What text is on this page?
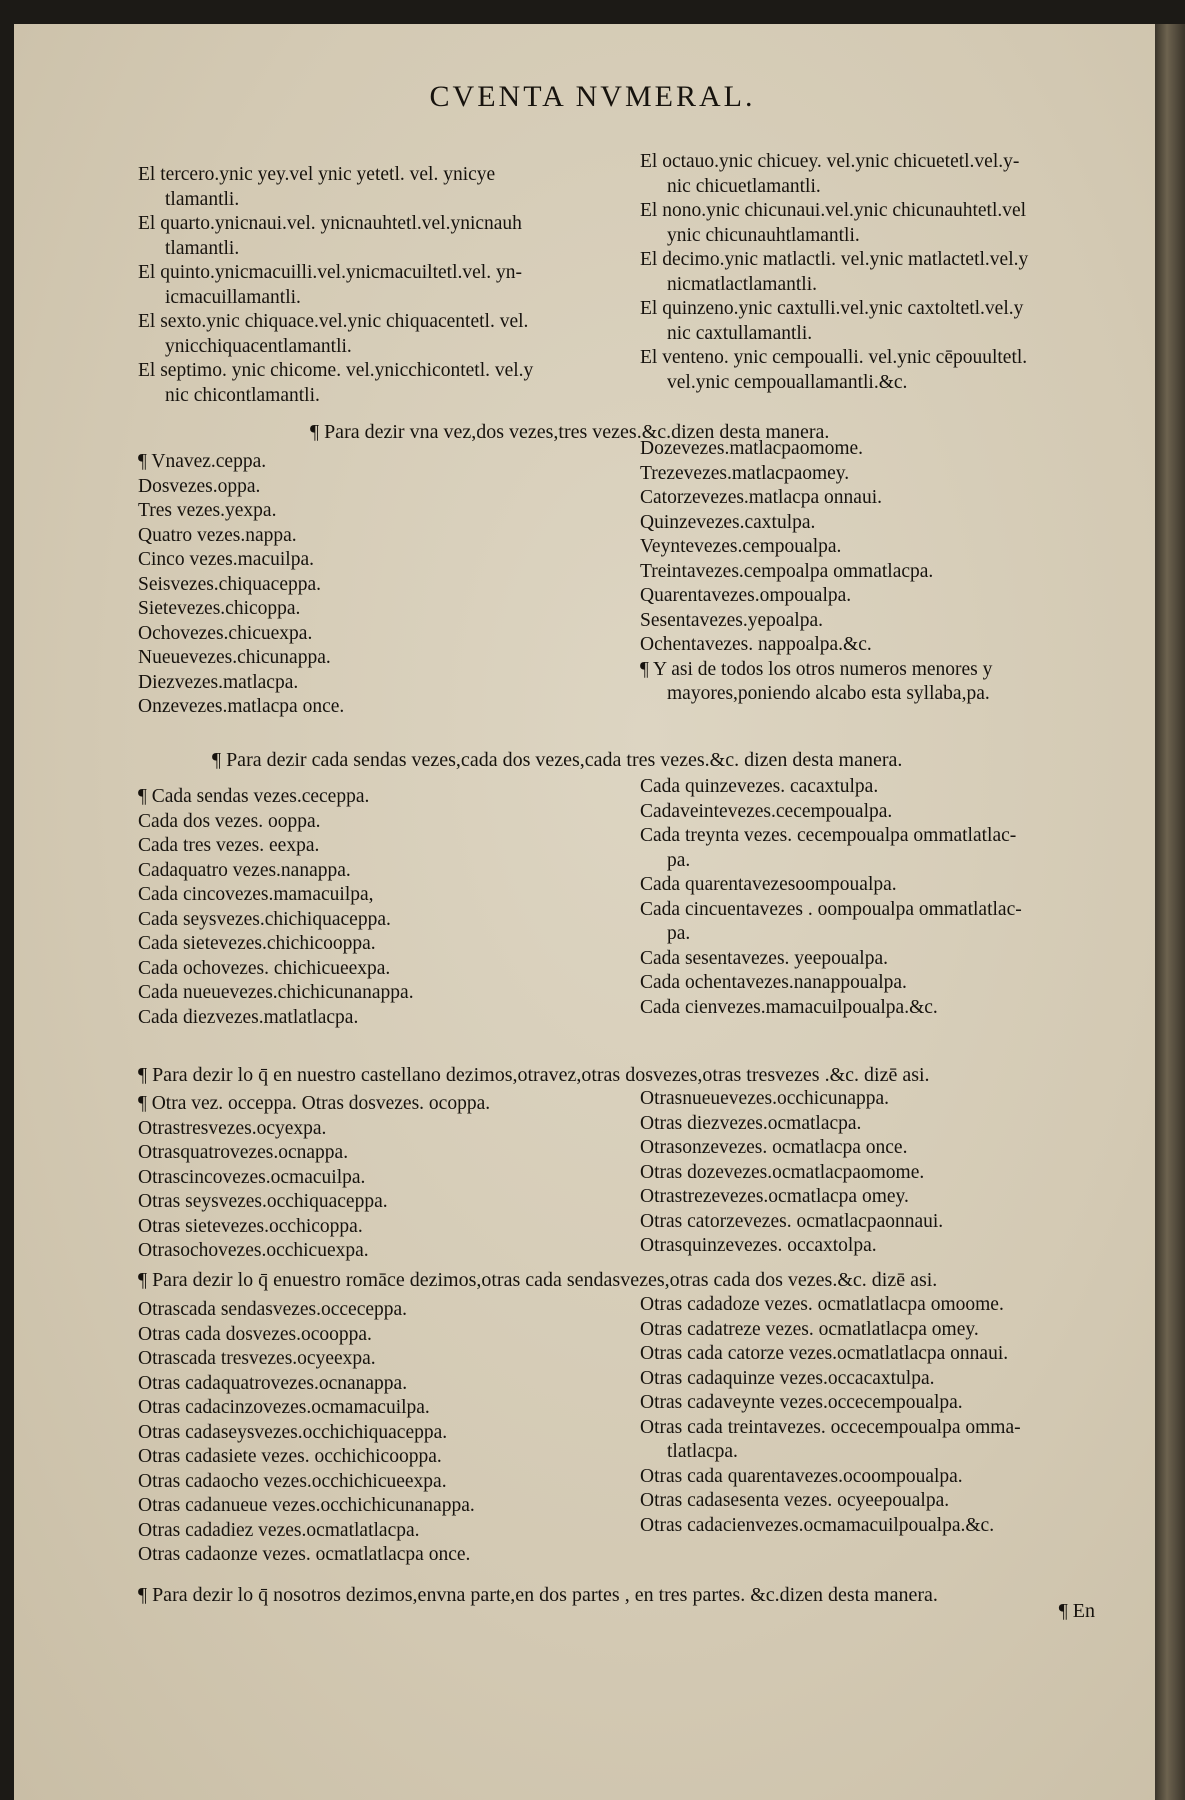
CVENTA NVMERAL.
El tercero.ynic yey.vel ynic yetetl. vel. ynicye
tlamantli.
El quarto.ynicnaui.vel. ynicnauhtetl.vel.ynicnauh
tlamantli.
El quinto.ynicmacuilli.vel.ynicmacuiltetl.vel. yn-
icmacuillamantli.
El sexto.ynic chiquace.vel.ynic chiquacentetl. vel.
ynicchiquacentlamantli.
El septimo. ynic chicome. vel.ynicchicontetl. vel.y
nic chicontlamantli.
El octauo.ynic chicuey. vel.ynic chicuetetl.vel.y-
nic chicuetlamantli.
El nono.ynic chicunaui.vel.ynic chicunauhtetl.vel
ynic chicunauhtlamantli.
El decimo.ynic matlactli. vel.ynic matlactetl.vel.y
nicmatlactlamantli.
El quinzeno.ynic caxtulli.vel.ynic caxtoltetl.vel.y
nic caxtullamantli.
El venteno. ynic cempoualli. vel.ynic cēpouultetl.
vel.ynic cempouallamantli.&c.
¶ Para dezir vna vez,dos vezes,tres vezes.&c.dizen desta manera.
¶ Vnavez.ceppa.
Dosvezes.oppa.
Tres vezes.yexpa.
Quatro vezes.nappa.
Cinco vezes.macuilpa.
Seisvezes.chiquaceppa.
Sietevezes.chicoppa.
Ochovezes.chicuexpa.
Nueuevezes.chicunappa.
Diezvezes.matlacpa.
Onzevezes.matlacpa once.
Dozevezes.matlacpaomome.
Trezevezes.matlacpaomey.
Catorzevezes.matlacpa onnaui.
Quinzevezes.caxtulpa.
Veyntevezes.cempoualpa.
Treintavezes.cempoalpa ommatlacpa.
Quarentavezes.ompoualpa.
Sesentavezes.yepoalpa.
Ochentavezes. nappoalpa.&c.
¶ Y asi de todos los otros numeros menores y
mayores,poniendo alcabo esta syllaba,pa.
¶ Para dezir cada sendas vezes,cada dos vezes,cada tres vezes.&c. dizen desta manera.
¶ Cada sendas vezes.ceceppa.
Cada dos vezes. ooppa.
Cada tres vezes. eexpa.
Cadaquatro vezes.nanappa.
Cada cincovezes.mamacuilpa,
Cada seysvezes.chichiquaceppa.
Cada sietevezes.chichicooppa.
Cada ochovezes. chichicueexpa.
Cada nueuevezes.chichicunanappa.
Cada diezvezes.matlatlacpa.
Cada quinzevezes. cacaxtulpa.
Cadaveintevezes.cecempoualpa.
Cada treynta vezes. cecempoualpa ommatlatlac-
pa.
Cada quarentavezesoompoualpa.
Cada cincuentavezes . oompoualpa ommatlatlac-
pa.
Cada sesentavezes. yeepoualpa.
Cada ochentavezes.nanappoualpa.
Cada cienvezes.mamacuilpoualpa.&c.
¶ Para dezir lo q̄ en nuestro castellano dezimos,otravez,otras dosvezes,otras tresvezes .&c. dizē asi.
¶ Otra vez. occeppa. Otras dosvezes. ocoppa.
Otrastresvezes.ocyexpa.
Otrasquatrovezes.ocnappa.
Otrascincovezes.ocmacuilpa.
Otras seysvezes.occhiquaceppa.
Otras sietevezes.occhicoppa.
Otrasochovezes.occhicuexpa.
Otrasnueuevezes.occhicunappa.
Otras diezvezes.ocmatlacpa.
Otrasonzevezes. ocmatlacpa once.
Otras dozevezes.ocmatlacpaomome.
Otrastrezevezes.ocmatlacpa omey.
Otras catorzevezes. ocmatlacpaonnaui.
Otrasquinzevezes. occaxtolpa.
¶ Para dezir lo q̄ enuestro romāce dezimos,otras cada sendasvezes,otras cada dos vezes.&c. dizē asi.
Otrascada sendasvezes.occeceppa.
Otras cada dosvezes.ocooppa.
Otrascada tresvezes.ocyeexpa.
Otras cadaquatrovezes.ocnanappa.
Otras cadacinzovezes.ocmamacuilpa.
Otras cadaseysvezes.occhichiquaceppa.
Otras cadasiete vezes. occhichicooppa.
Otras cadaocho vezes.occhichicueexpa.
Otras cadanueue vezes.occhichicunanappa.
Otras cadadiez vezes.ocmatlatlacpa.
Otras cadaonze vezes. ocmatlatlacpa once.
Otras cadadoze vezes. ocmatlatlacpa omoome.
Otras cadatreze vezes. ocmatlatlacpa omey.
Otras cada catorze vezes.ocmatlatlacpa onnaui.
Otras cadaquinze vezes.occacaxtulpa.
Otras cadaveynte vezes.occecempoualpa.
Otras cada treintavezes. occecempoualpa omma-
tlatlacpa.
Otras cada quarentavezes.ocoompoualpa.
Otras cadasesenta vezes. ocyeepoualpa.
Otras cadacienvezes.ocmamacuilpoualpa.&c.
¶ Para dezir lo q̄ nosotros dezimos,envna parte,en dos partes , en tres partes. &c.dizen desta manera.
¶ En
